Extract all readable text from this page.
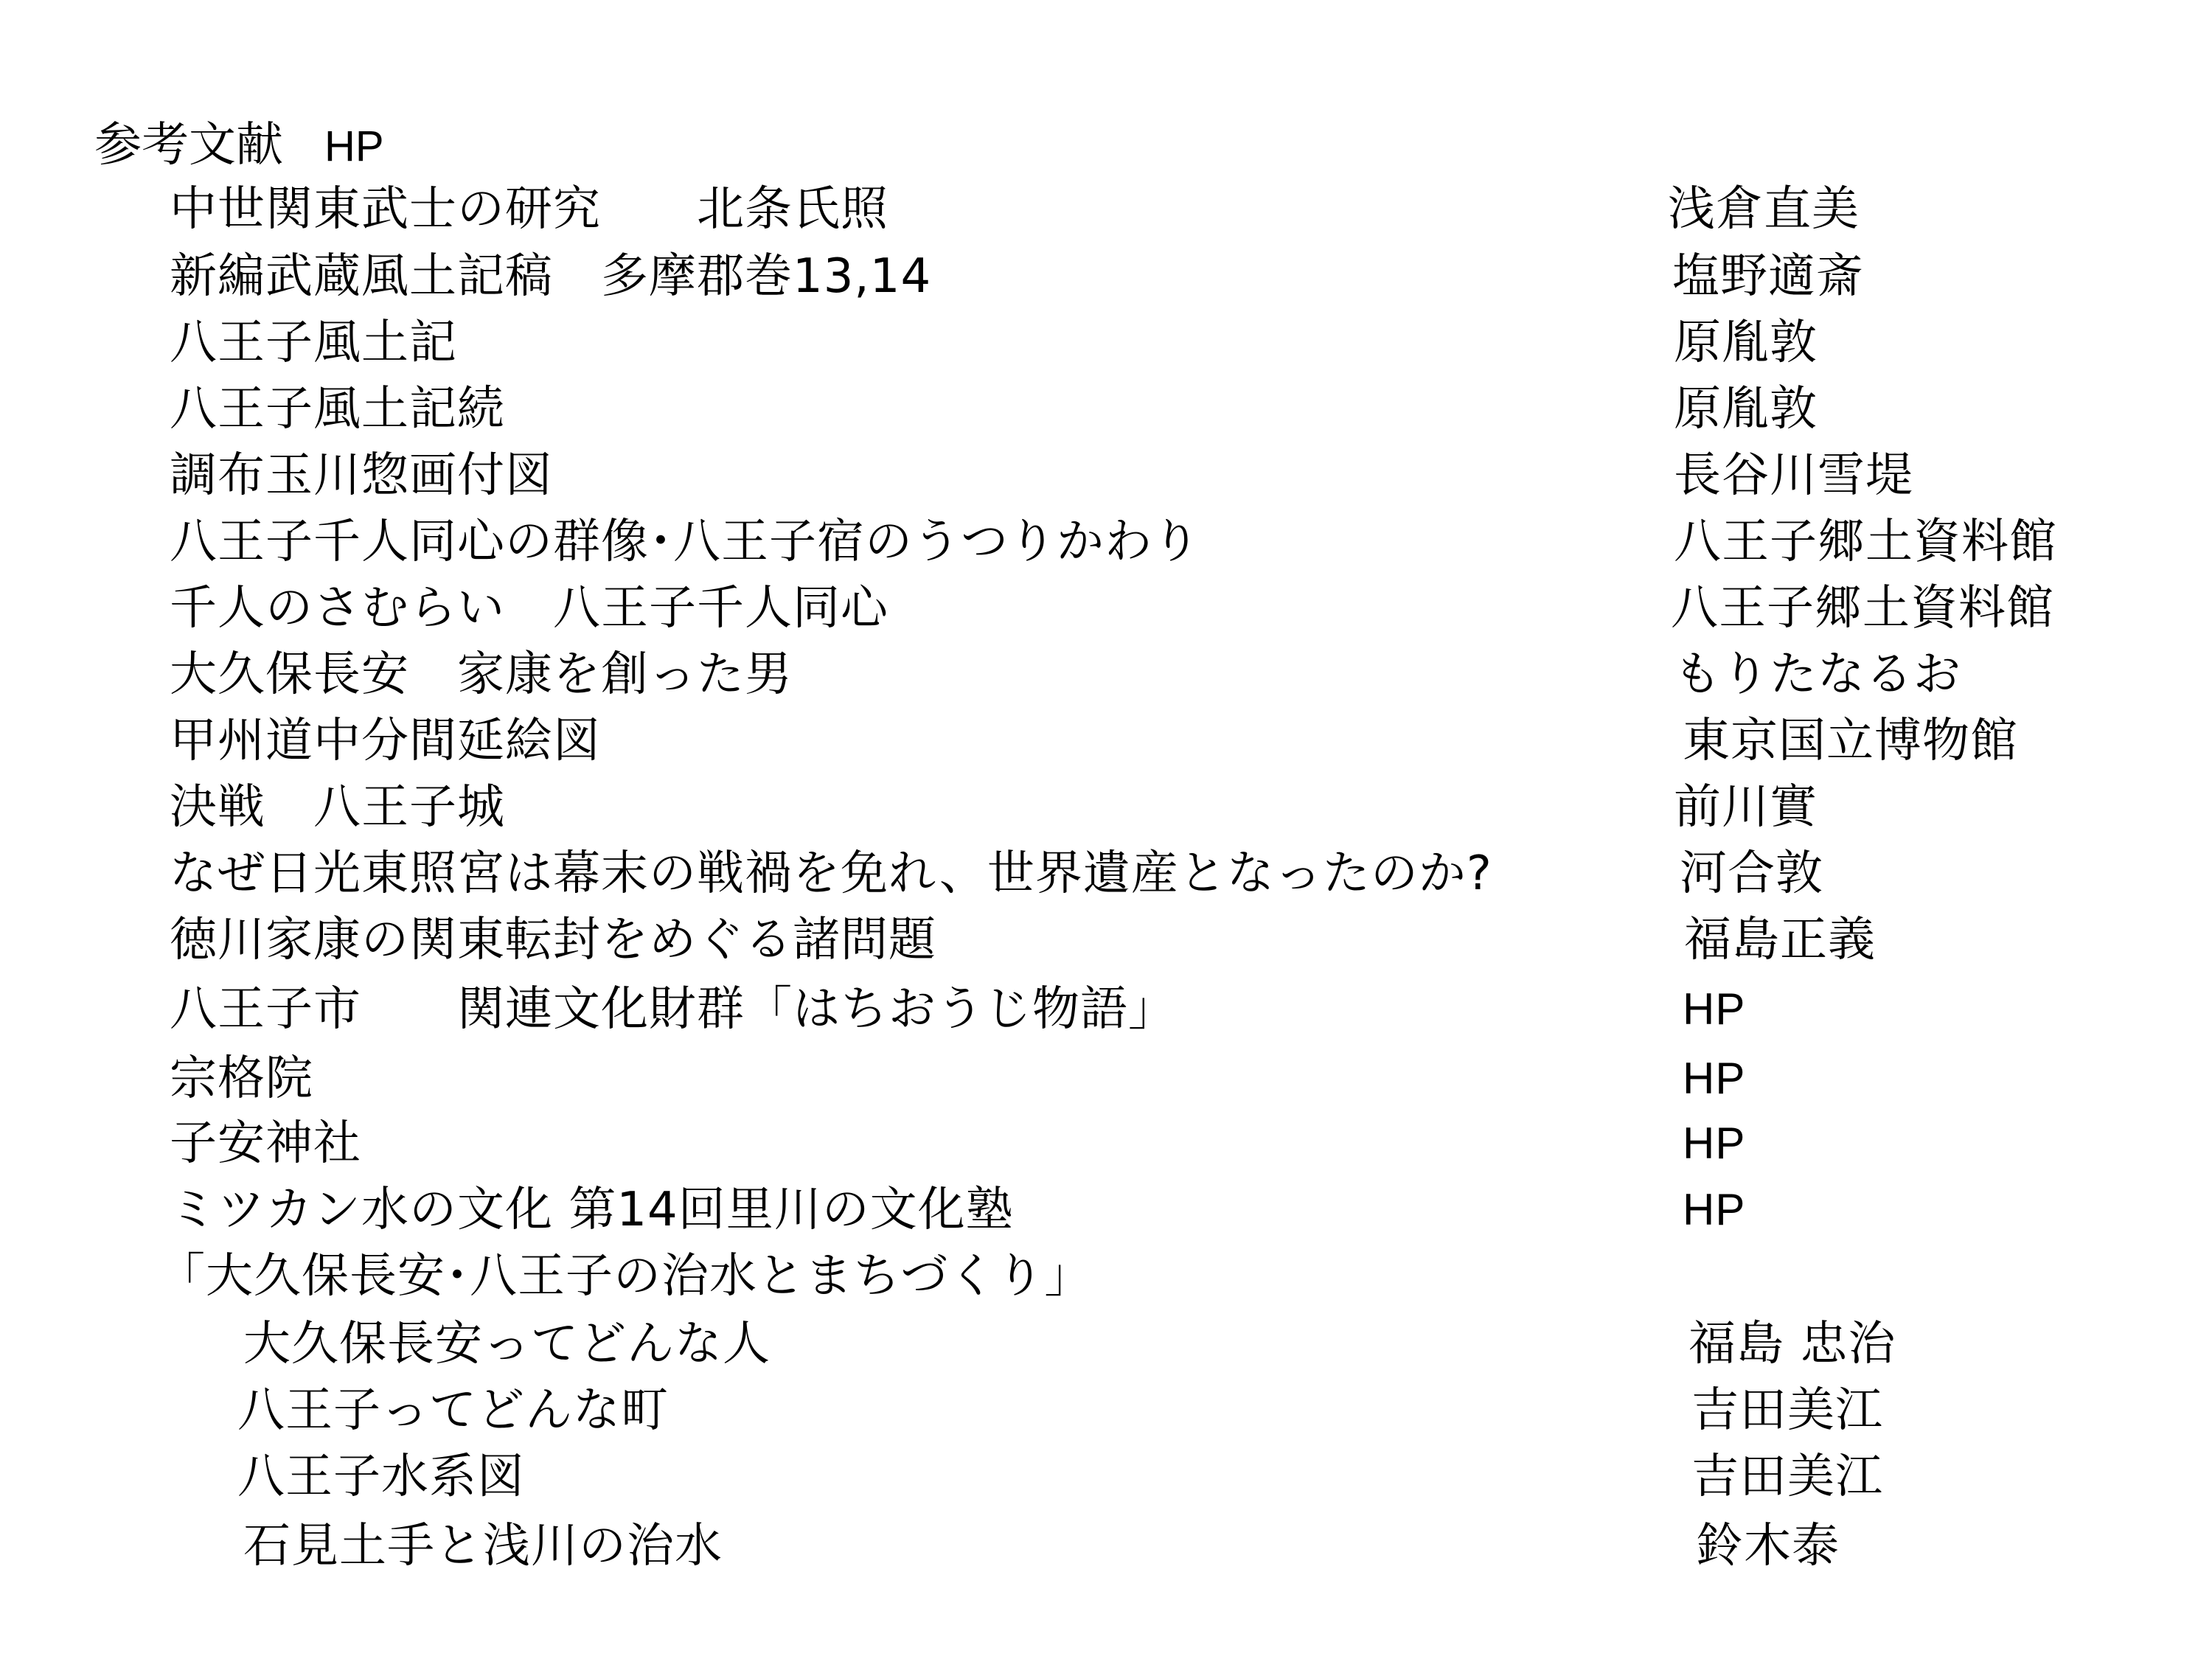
参考文献 HP
中世関東武士の研究　　北条氏照	浅倉直美
新編武蔵風土記稿　多摩郡巻13,14	塩野適斎
八王子風土記	原胤敦
八王子風土記続	原胤敦
調布玉川惣画付図	長谷川雪堤
八王子千人同心の群像･八王子宿のうつりかわり	八王子郷土資料館
千人のさむらい　八王子千人同心	八王子郷土資料館
大久保長安　家康を創った男	もりたなるお
甲州道中分間延絵図	東京国立博物館
決戦　八王子城	前川實
なぜ日光東照宮は幕末の戦禍を免れ、世界遺産となったのか?	河合敦
徳川家康の関東転封をめぐる諸問題	福島正義
八王子市　　関連文化財群「はちおうじ物語」	HP
宗格院	HP
子安神社	HP
ミツカン水の文化 第14回里川の文化塾	HP
「大久保長安･八王子の治水とまちづくり」
大久保長安ってどんな人	福島 忠治
八王子ってどんな町	吉田美江
八王子水系図	吉田美江
石見土手と浅川の治水	鈴木泰
